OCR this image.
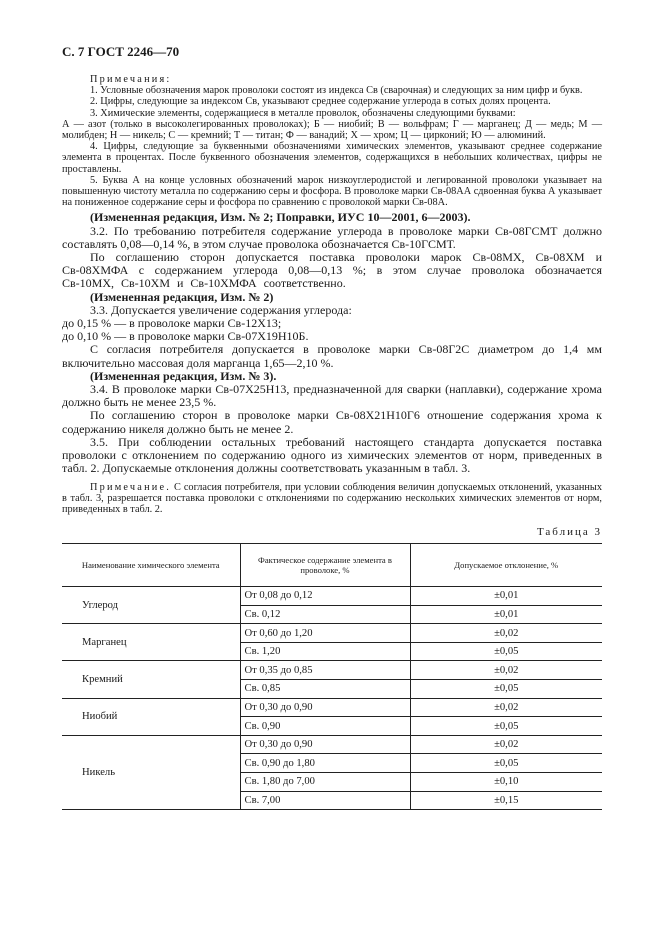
С. 7 ГОСТ 2246—70

Примечания:

1. Условные обозначения марок проволоки состоят из индекса Св (сварочная) и следующих за ним цифр и букв.

2. Цифры, следующие за индексом Св, указывают среднее содержание углерода в сотых долях процента.

3. Химические элементы, содержащиеся в металле проволок, обозначены следующими буквами:

А — азот (только в высоколегированных проволоках); Б — ниобий; В — вольфрам; Г — марганец; Д — медь; М — молибден; Н — никель; С — кремний; Т — титан; Ф — ванадий; Х — хром; Ц — цирконий; Ю — алюминий.

4. Цифры, следующие за буквенными обозначениями химических элементов, указывают среднее содержание элемента в процентах. После буквенного обозначения элементов, содержащихся в небольших количествах, цифры не проставлены.

5. Буква А на конце условных обозначений марок низкоуглеродистой и легированной проволоки указывает на повышенную чистоту металла по содержанию серы и фосфора. В проволоке марки Св-08АА сдвоенная буква А указывает на пониженное содержание серы и фосфора по сравнению с проволокой марки Св-08А.

(Измененная редакция, Изм. № 2; Поправки, ИУС 10—2001, 6—2003).

3.2. По требованию потребителя содержание углерода в проволоке марки Св-08ГСМТ должно составлять 0,08—0,14 %, в этом случае проволока обозначается Св-10ГСМТ.

По соглашению сторон допускается поставка проволоки марок Св-08МХ, Св-08ХМ и Св-08ХМФА с содержанием углерода 0,08—0,13 %; в этом случае проволока обозначается Св-10МХ, Св-10ХМ и Св-10ХМФА соответственно.

(Измененная редакция, Изм. № 2)

3.3. Допускается увеличение содержания углерода:

до 0,15 % — в проволоке марки Св-12Х13;

до 0,10 % — в проволоке марки Св-07Х19Н10Б.

С согласия потребителя допускается в проволоке марки Св-08Г2С диаметром до 1,4 мм включительно массовая доля марганца 1,65—2,10 %.

(Измененная редакция, Изм. № 3).

3.4. В проволоке марки Св-07Х25Н13, предназначенной для сварки (наплавки), содержание хрома должно быть не менее 23,5 %.

По соглашению сторон в проволоке марки Св-08Х21Н10Г6 отношение содержания хрома к содержанию никеля должно быть не менее 2.

3.5. При соблюдении остальных требований настоящего стандарта допускается поставка проволоки с отклонением по содержанию одного из химических элементов от норм, приведенных в табл. 2. Допускаемые отклонения должны соответствовать указанным в табл. 3.

Примечание. С согласия потребителя, при условии соблюдения величин допускаемых отклонений, указанных в табл. 3, разрешается поставка проволоки с отклонениями по содержанию нескольких химических элементов от норм, приведенных в табл. 2.

Таблица 3
Наименование химического элемента	Фактическое содержание элемента в проволоке, %	Допускаемое отклонение, %
Углерод	От 0,08 до 0,12	±0,01
	Св. 0,12	±0,01
Марганец	От 0,60 до 1,20	±0,02
	Св. 1,20	±0,05
Кремний	От 0,35 до 0,85	±0,02
	Св. 0,85	±0,05
Ниобий	От 0,30 до 0,90	±0,02
	Св. 0,90	±0,05
Никель	От 0,30 до 0,90	±0,02
	Св. 0,90 до 1,80	±0,05
	Св. 1,80 до 7,00	±0,10
	Св. 7,00	±0,15
